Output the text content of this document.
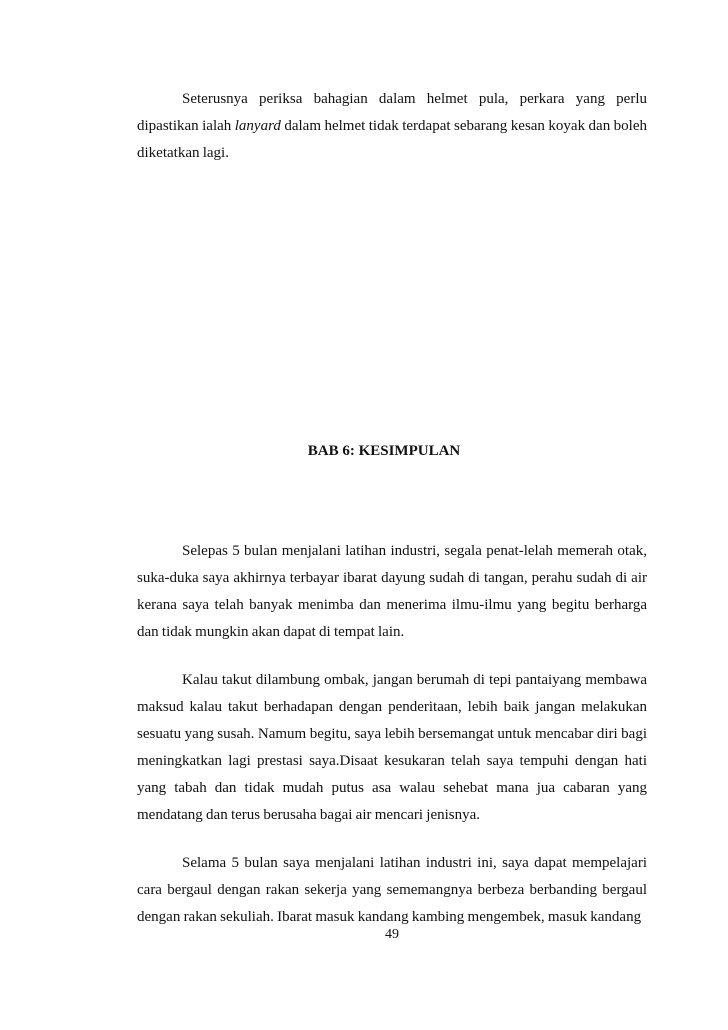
Seterusnya periksa bahagian dalam helmet pula, perkara yang perlu dipastikan ialah lanyard dalam helmet tidak terdapat sebarang kesan koyak dan boleh diketatkan lagi.

BAB 6: KESIMPULAN

Selepas 5 bulan menjalani latihan industri, segala penat-lelah memerah otak, suka-duka saya akhirnya terbayar ibarat dayung sudah di tangan, perahu sudah di air kerana saya telah banyak menimba dan menerima ilmu-ilmu yang begitu berharga dan tidak mungkin akan dapat di tempat lain.

Kalau takut dilambung ombak, jangan berumah di tepi pantaiyang membawa maksud kalau takut berhadapan dengan penderitaan, lebih baik jangan melakukan sesuatu yang susah. Namum begitu, saya lebih bersemangat untuk mencabar diri bagi meningkatkan lagi prestasi saya.Disaat kesukaran telah saya tempuhi dengan hati yang tabah dan tidak mudah putus asa walau sehebat mana jua cabaran yang mendatang dan terus berusaha bagai air mencari jenisnya.

Selama 5 bulan saya menjalani latihan industri ini, saya dapat mempelajari cara bergaul dengan rakan sekerja yang sememangnya berbeza berbanding bergaul dengan rakan sekuliah. Ibarat masuk kandang kambing mengembek, masuk kandang

49
